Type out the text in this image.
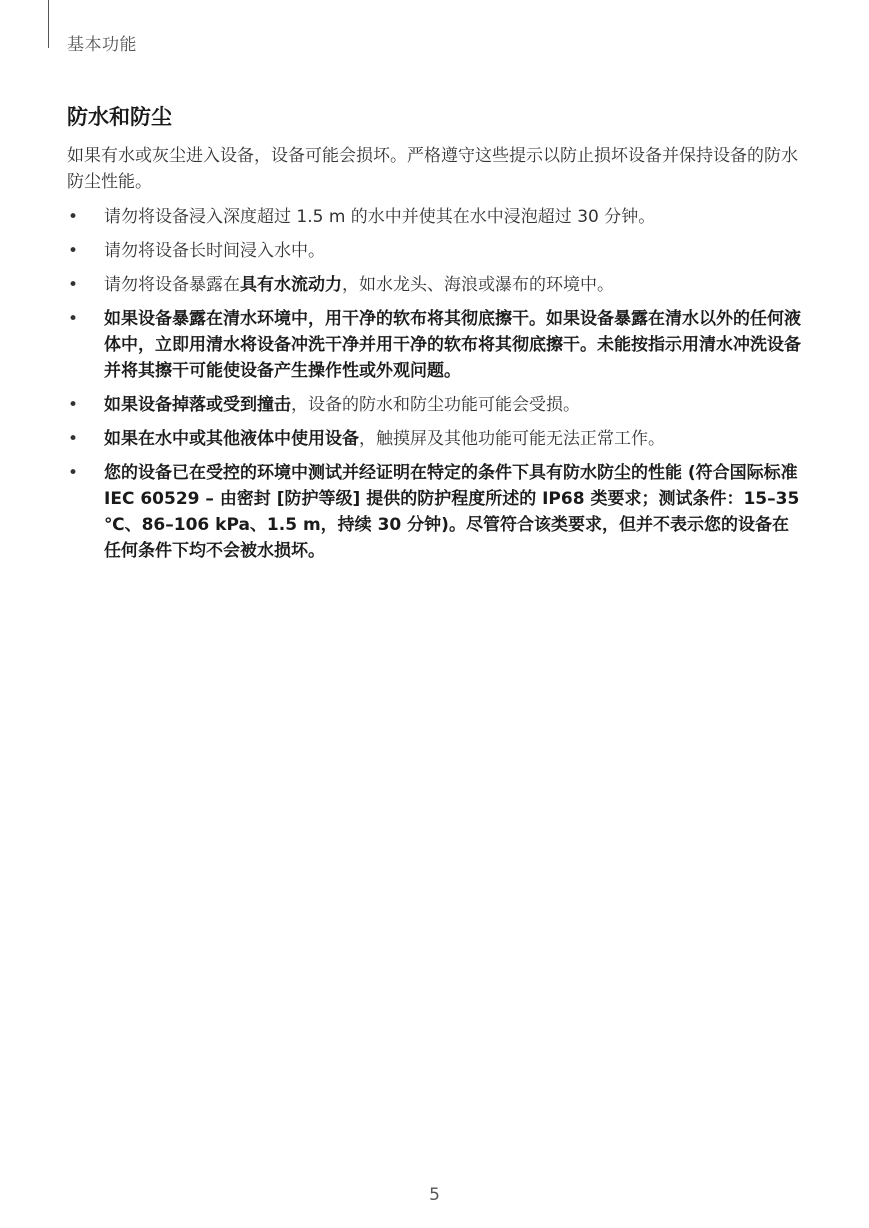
基本功能
防水和防尘

如果有水或灰尘进入设备，设备可能会损坏。严格遵守这些提示以防止损坏设备并保持设备的防水防尘性能。

• 请勿将设备浸入深度超过 1.5 m 的水中并使其在水中浸泡超过 30 分钟。
• 请勿将设备长时间浸入水中。
• 请勿将设备暴露在具有水流动力，如水龙头、海浪或瀑布的环境中。
• 如果设备暴露在清水环境中，用干净的软布将其彻底擦干。如果设备暴露在清水以外的任何液体中，立即用清水将设备冲洗干净并用干净的软布将其彻底擦干。未能按指示用清水冲洗设备并将其擦干可能使设备产生操作性或外观问题。
• 如果设备掉落或受到撞击，设备的防水和防尘功能可能会受损。
• 如果在水中或其他液体中使用设备，触摸屏及其他功能可能无法正常工作。
• 您的设备已在受控的环境中测试并经证明在特定的条件下具有防水防尘的性能 (符合国际标准 IEC 60529 – 由密封 [防护等级] 提供的防护程度所述的 IP68 类要求；测试条件：15–35 ℃、86–106 kPa、1.5 m，持续 30 分钟)。尽管符合该类要求，但并不表示您的设备在任何条件下均不会被水损坏。
5
